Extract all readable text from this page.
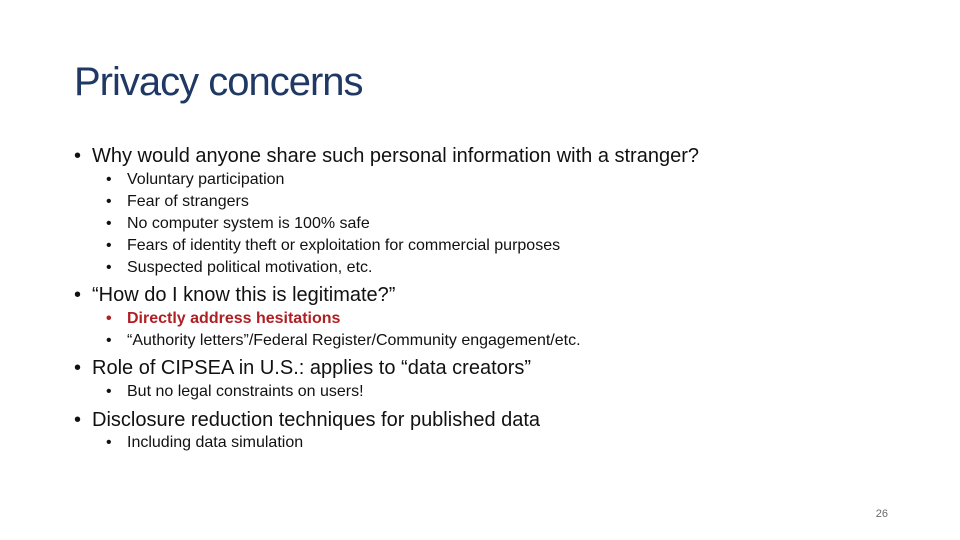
Privacy concerns
• Why would anyone share such personal information with a stranger?
• Voluntary participation
• Fear of strangers
• No computer system is 100% safe
• Fears of identity theft or exploitation for commercial purposes
• Suspected political motivation, etc.
• “How do I know this is legitimate?”
• Directly address hesitations
• “Authority letters”/Federal Register/Community engagement/etc.
• Role of CIPSEA in U.S.: applies to “data creators”
• But no legal constraints on users!
• Disclosure reduction techniques for published data
• Including data simulation
26
